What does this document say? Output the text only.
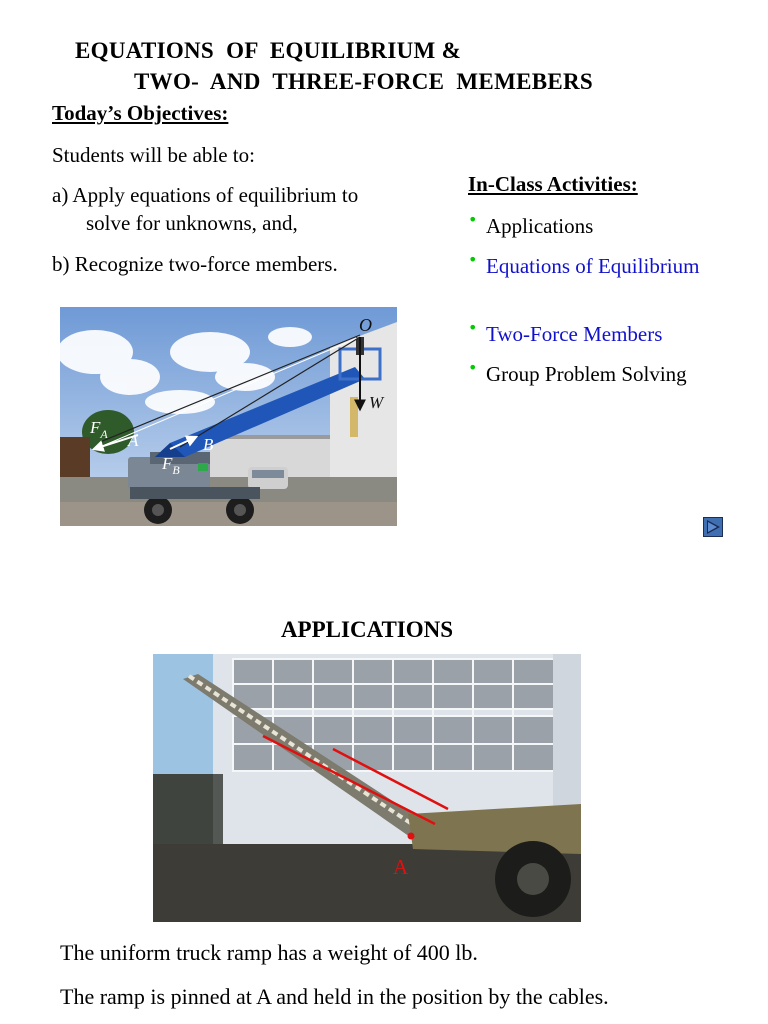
EQUATIONS  OF  EQUILIBRIUM &
TWO-  AND  THREE-FORCE  MEMEBERS
Today’s Objectives:
Students will be able to:
a) Apply equations of equilibrium to
solve for unknowns, and,
b) Recognize two-force members.
In-Class Activities:
• Applications
• Equations of Equilibrium
• Two-Force Members
• Group Problem Solving
O
W
A	B
$F_A$
$F_B$
APPLICATIONS
A
The uniform truck ramp has a weight of 400 lb.
The ramp is pinned at A and held in the position by the cables.
